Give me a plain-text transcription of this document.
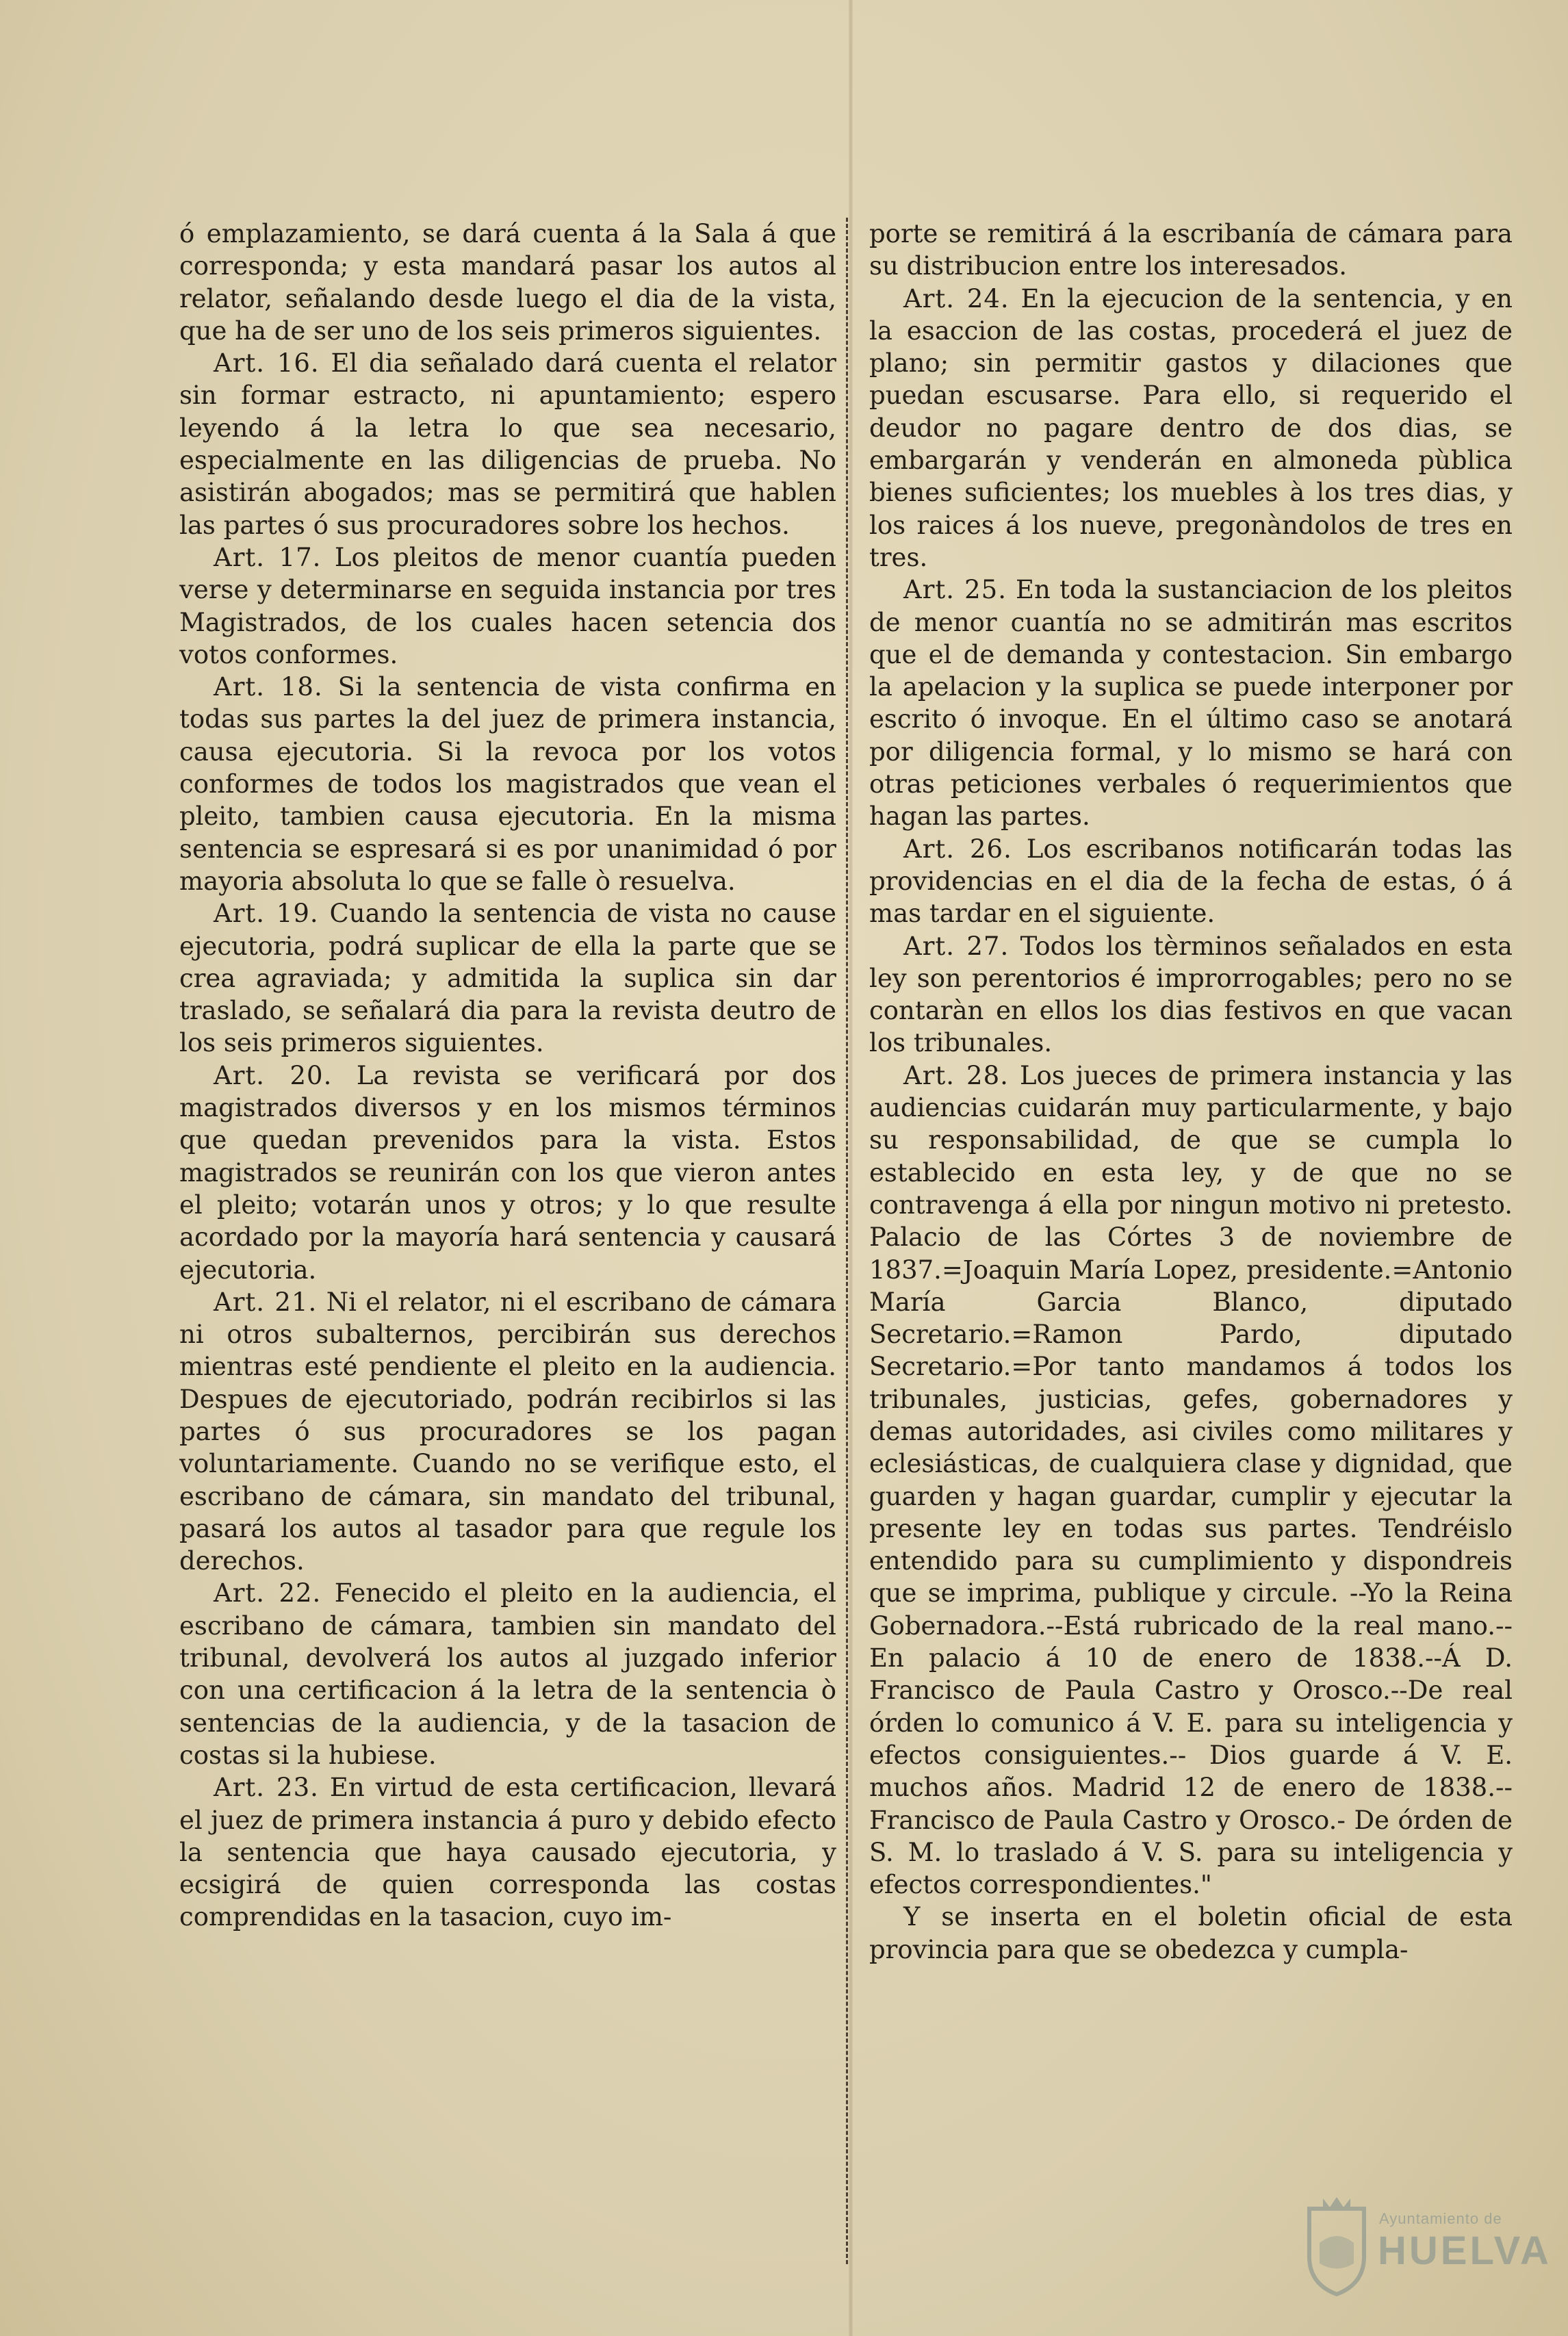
ó emplazamiento, se dará cuenta á la Sala á que corresponda; y esta mandará pasar los autos al relator, señalando desde luego el dia de la vista, que ha de ser uno de los seis primeros siguientes.

Art. 16. El dia señalado dará cuenta el relator sin formar estracto, ni apuntamiento; espero leyendo á la letra lo que sea necesario, especialmente en las diligencias de prueba. No asistirán abogados; mas se permitirá que hablen las partes ó sus procuradores sobre los hechos.

Art. 17. Los pleitos de menor cuantía pueden verse y determinarse en seguida instancia por tres Magistrados, de los cuales hacen setencia dos votos conformes.

Art. 18. Si la sentencia de vista confirma en todas sus partes la del juez de primera instancia, causa ejecutoria. Si la revoca por los votos conformes de todos los magistrados que vean el pleito, tambien causa ejecutoria. En la misma sentencia se espresará si es por unanimidad ó por mayoria absoluta lo que se falle ò resuelva.

Art. 19. Cuando la sentencia de vista no cause ejecutoria, podrá suplicar de ella la parte que se crea agraviada; y admitida la suplica sin dar traslado, se señalará dia para la revista deutro de los seis primeros siguientes.

Art. 20. La revista se verificará por dos magistrados diversos y en los mismos términos que quedan prevenidos para la vista. Estos magistrados se reunirán con los que vieron antes el pleito; votarán unos y otros; y lo que resulte acordado por la mayoría hará sentencia y causará ejecutoria.

Art. 21. Ni el relator, ni el escribano de cámara ni otros subalternos, percibirán sus derechos mientras esté pendiente el pleito en la audiencia. Despues de ejecutoriado, podrán recibirlos si las partes ó sus procuradores se los pagan voluntariamente. Cuando no se verifique esto, el escribano de cámara, sin mandato del tribunal, pasará los autos al tasador para que regule los derechos.

Art. 22. Fenecido el pleito en la audiencia, el escribano de cámara, tambien sin mandato del tribunal, devolverá los autos al juzgado inferior con una certificacion á la letra de la sentencia ò sentencias de la audiencia, y de la tasacion de costas si la hubiese.

Art. 23. En virtud de esta certificacion, llevará el juez de primera instancia á puro y debido efecto la sentencia que haya causado ejecutoria, y ecsigirá de quien corresponda las costas comprendidas en la tasacion, cuyo im-

porte se remitirá á la escribanía de cámara para su distribucion entre los interesados.

Art. 24. En la ejecucion de la sentencia, y en la esaccion de las costas, procederá el juez de plano; sin permitir gastos y dilaciones que puedan escusarse. Para ello, si requerido el deudor no pagare dentro de dos dias, se embargarán y venderán en almoneda pùblica bienes suficientes; los muebles à los tres dias, y los raices á los nueve, pregonàndolos de tres en tres.

Art. 25. En toda la sustanciacion de los pleitos de menor cuantía no se admitirán mas escritos que el de demanda y contestacion. Sin embargo la apelacion y la suplica se puede interponer por escrito ó invoque. En el último caso se anotará por diligencia formal, y lo mismo se hará con otras peticiones verbales ó requerimientos que hagan las partes.

Art. 26. Los escribanos notificarán todas las providencias en el dia de la fecha de estas, ó á mas tardar en el siguiente.

Art. 27. Todos los tèrminos señalados en esta ley son perentorios é improrrogables; pero no se contaràn en ellos los dias festivos en que vacan los tribunales.

Art. 28. Los jueces de primera instancia y las audiencias cuidarán muy particularmente, y bajo su responsabilidad, de que se cumpla lo establecido en esta ley, y de que no se contravenga á ella por ningun motivo ni pretesto. Palacio de las Córtes 3 de noviembre de 1837.=Joaquin María Lopez, presidente.=Antonio María Garcia Blanco, diputado Secretario.=Ramon Pardo, diputado Secretario.=Por tanto mandamos á todos los tribunales, justicias, gefes, gobernadores y demas autoridades, asi civiles como militares y eclesiásticas, de cualquiera clase y dignidad, que guarden y hagan guardar, cumplir y ejecutar la presente ley en todas sus partes. Tendréislo entendido para su cumplimiento y dispondreis que se imprima, publique y circule. --Yo la Reina Gobernadora.--Está rubricado de la real mano.--En palacio á 10 de enero de 1838.--Á D. Francisco de Paula Castro y Orosco.--De real órden lo comunico á V. E. para su inteligencia y efectos consiguientes.-- Dios guarde á V. E. muchos años. Madrid 12 de enero de 1838.--Francisco de Paula Castro y Orosco.- De órden de S. M. lo traslado á V. S. para su inteligencia y efectos correspondientes."

Y se inserta en el boletin oficial de esta provincia para que se obedezca y cumpla-

Ayuntamiento de
HUELVA
